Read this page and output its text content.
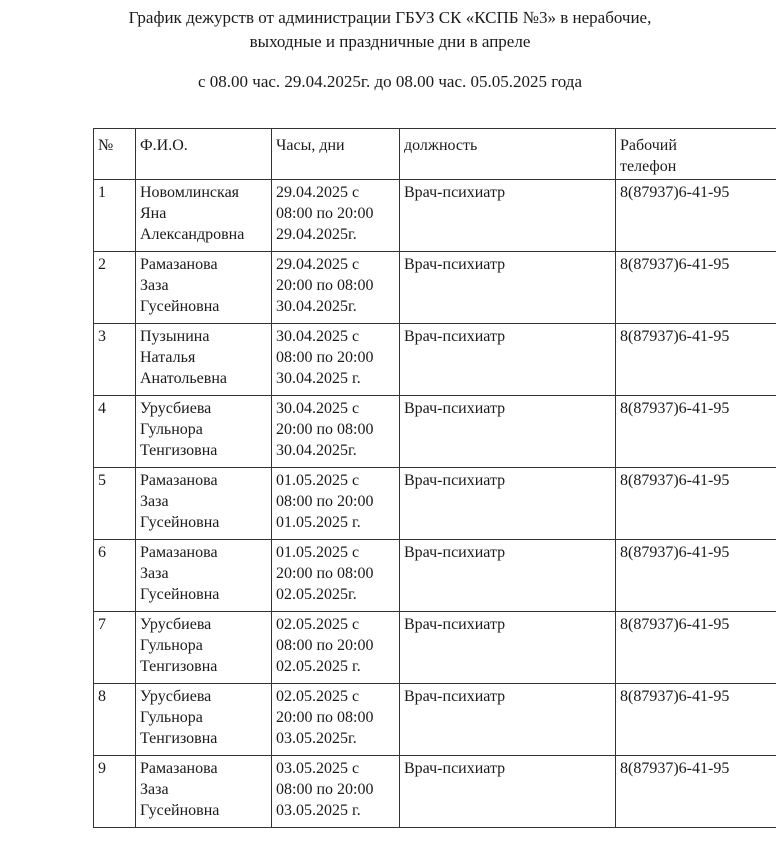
График дежурств от администрации ГБУЗ СК «КСПБ №3» в нерабочие,
выходные и праздничные дни в апреле
с 08.00 час. 29.04.2025г. до 08.00 час. 05.05.2025 года
№	Ф.И.О.	Часы, дни	должность	Рабочий
телефон

1	Новомлинская
Яна
Александровна	29.04.2025 с
08:00 по 20:00
29.04.2025г.	Врач-психиатр	8(87937)6-41-95
2	Рамазанова
Заза
Гусейновна	29.04.2025 с
20:00 по 08:00
30.04.2025г.	Врач-психиатр	8(87937)6-41-95
3	Пузынина
Наталья
Анатольевна	30.04.2025 с
08:00 по 20:00
30.04.2025 г.	Врач-психиатр	8(87937)6-41-95
4	Урусбиева
Гульнора
Тенгизовна	30.04.2025 с
20:00 по 08:00
30.04.2025г.	Врач-психиатр	8(87937)6-41-95
5	Рамазанова
Заза
Гусейновна	01.05.2025 с
08:00 по 20:00
01.05.2025 г.	Врач-психиатр	8(87937)6-41-95
6	Рамазанова
Заза
Гусейновна	01.05.2025 с
20:00 по 08:00
02.05.2025г.	Врач-психиатр	8(87937)6-41-95
7	Урусбиева
Гульнора
Тенгизовна	02.05.2025 с
08:00 по 20:00
02.05.2025 г.	Врач-психиатр	8(87937)6-41-95
8	Урусбиева
Гульнора
Тенгизовна	02.05.2025 с
20:00 по 08:00
03.05.2025г.	Врач-психиатр	8(87937)6-41-95
9	Рамазанова
Заза
Гусейновна	03.05.2025 с
08:00 по 20:00
03.05.2025 г.	Врач-психиатр	8(87937)6-41-95
